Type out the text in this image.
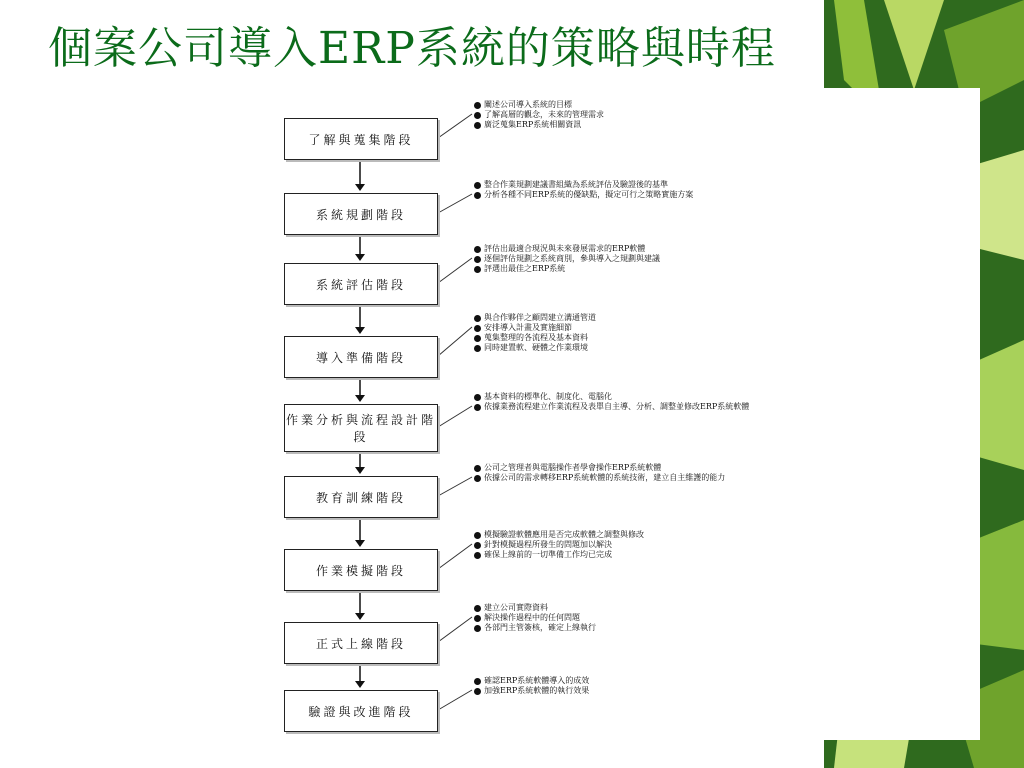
個案公司導入ERP系統的策略與時程
了解與蒐集階段
闡述公司導入系統的目標
了解高層的觀念，未來的管理需求
廣泛蒐集ERP系統相關資訊
系統規劃階段
整合作業規劃建議書組織為系統評估及驗證後的基準
分析各種不同ERP系統的優缺點，擬定可行之策略實施方案
系統評估階段
評估出最適合現況與未來發展需求的ERP軟體
逐個評估規劃之系統商別，參與導入之規劃與建議
評選出最佳之ERP系統
導入準備階段
與合作夥伴之顧問建立溝通管道
安排導入計畫及實施細節
蒐集整理的各流程及基本資料
同時建置軟、硬體之作業環境
作業分析與流程設計階段
基本資料的標準化、制度化、電腦化
依據業務流程建立作業流程及表單自主導、分析、調整並修改ERP系統軟體
教育訓練階段
公司之管理者與電腦操作者學會操作ERP系統軟體
依據公司的需求轉移ERP系統軟體的系統技術，建立自主維護的能力
作業模擬階段
模擬驗證軟體應用是否完成軟體之調整與修改
針對模擬過程所發生的問題加以解決
確保上線前的一切準備工作均已完成
正式上線階段
建立公司實際資料
解決操作過程中的任何問題
各部門主管簽核，確定上線執行
驗證與改進階段
確認ERP系統軟體導入的成效
加強ERP系統軟體的執行效果
